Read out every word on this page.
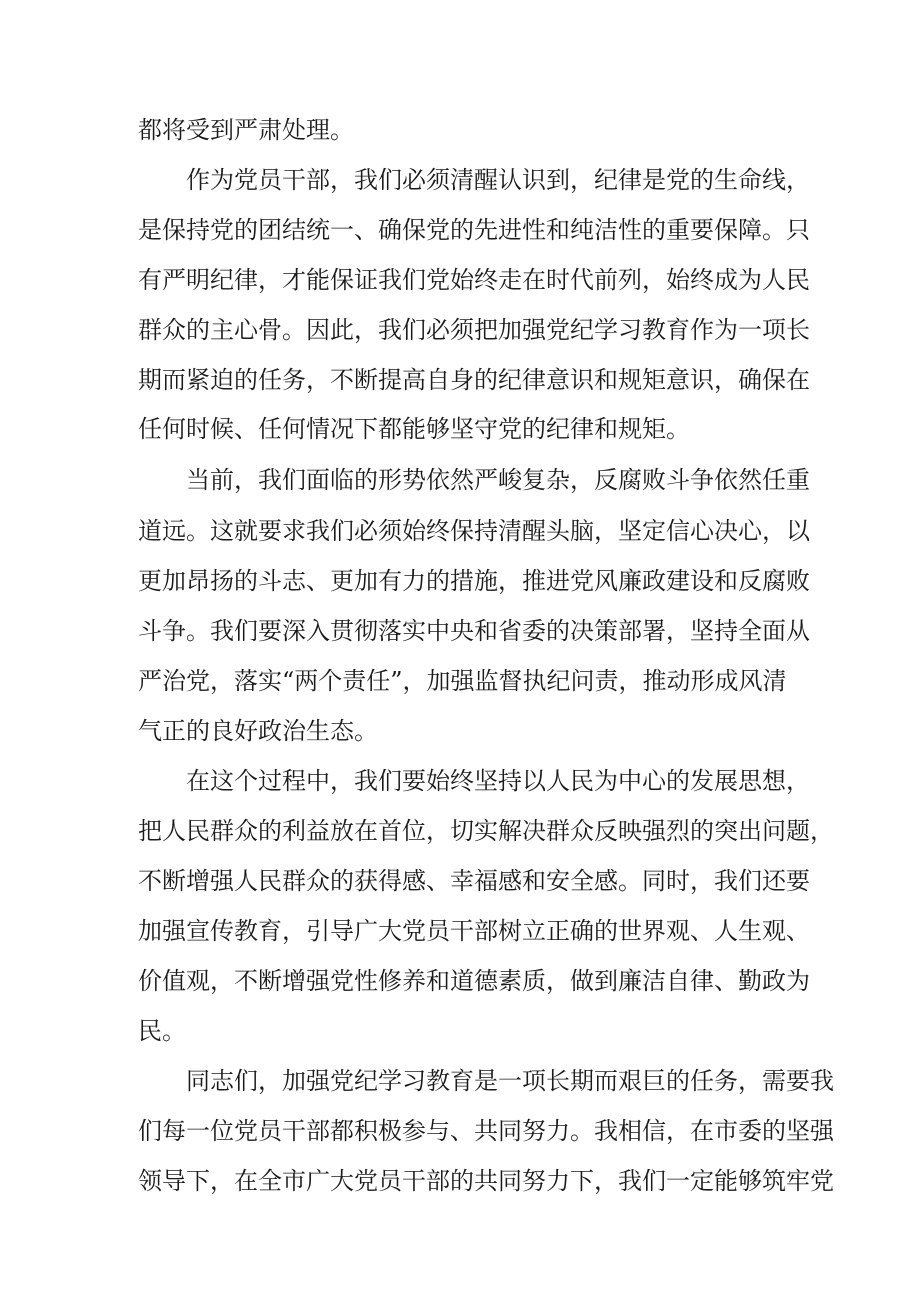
都将受到严肃处理。

作为党员干部，我们必须清醒认识到，纪律是党的生命线，

是保持党的团结统一、确保党的先进性和纯洁性的重要保障。只

有严明纪律，才能保证我们党始终走在时代前列，始终成为人民

群众的主心骨。因此，我们必须把加强党纪学习教育作为一项长

期而紧迫的任务，不断提高自身的纪律意识和规矩意识，确保在

任何时候、任何情况下都能够坚守党的纪律和规矩。

当前，我们面临的形势依然严峻复杂，反腐败斗争依然任重

道远。这就要求我们必须始终保持清醒头脑，坚定信心决心，以

更加昂扬的斗志、更加有力的措施，推进党风廉政建设和反腐败

斗争。我们要深入贯彻落实中央和省委的决策部署，坚持全面从

严治党，落实“两个责任”，加强监督执纪问责，推动形成风清

气正的良好政治生态。

在这个过程中，我们要始终坚持以人民为中心的发展思想，

把人民群众的利益放在首位，切实解决群众反映强烈的突出问题，

不断增强人民群众的获得感、幸福感和安全感。同时，我们还要

加强宣传教育，引导广大党员干部树立正确的世界观、人生观、

价值观，不断增强党性修养和道德素质，做到廉洁自律、勤政为

民。

同志们，加强党纪学习教育是一项长期而艰巨的任务，需要我

们每一位党员干部都积极参与、共同努力。我相信，在市委的坚强

领导下，在全市广大党员干部的共同努力下，我们一定能够筑牢党
